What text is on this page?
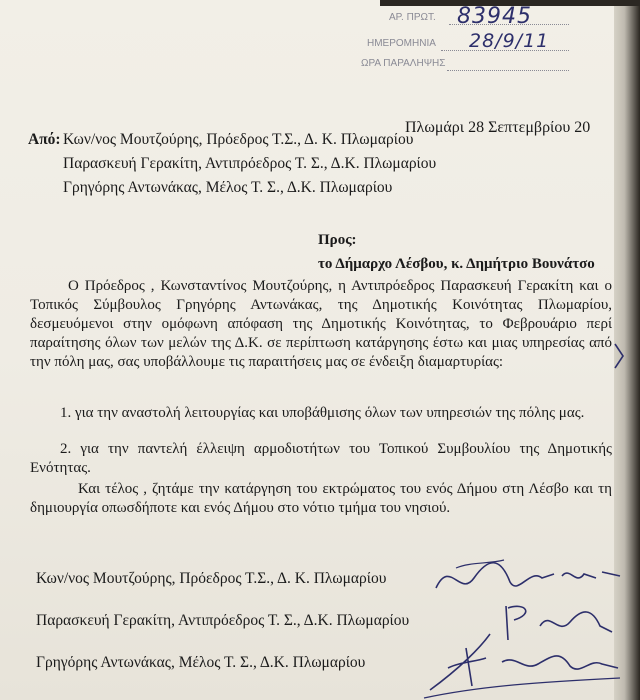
ΑΡ. ΠΡΩΤ. 83945
ΗΜΕΡΟΜΗΝΙΑ 28/9/11
ΩΡΑ ΠΑΡΑΛΗΨΗΣ
Πλωμάρι 28 Σεπτεμβρίου 20
Από: Κων/νος Μουτζούρης, Πρόεδρος Τ.Σ., Δ. Κ. Πλωμαρίου
Παρασκευή Γερακίτη, Αντιπρόεδρος Τ. Σ., Δ.Κ. Πλωμαρίου
Γρηγόρης Αντωνάκας, Μέλος Τ. Σ., Δ.Κ. Πλωμαρίου
Προς:
το Δήμαρχο Λέσβου, κ. Δημήτριο Βουνάτσο
Ο Πρόεδρος , Κωνσταντίνος Μουτζούρης, η Αντιπρόεδρος Παρασκευή Γερακίτη και ο Τοπικός Σύμβουλος Γρηγόρης Αντωνάκας, της Δημοτικής Κοινότητας Πλωμαρίου, δεσμευόμενοι στην ομόφωνη απόφαση της Δημοτικής Κοινότητας, το Φεβρουάριο περί παραίτησης όλων των μελών της Δ.Κ. σε περίπτωση κατάργησης έστω και μιας υπηρεσίας από την πόλη μας, σας υποβάλλουμε τις παραιτήσεις μας σε ένδειξη διαμαρτυρίας:
1. για την αναστολή λειτουργίας και υποβάθμισης όλων των υπηρεσιών της πόλης μας.
2. για την παντελή έλλειψη αρμοδιοτήτων του Τοπικού Συμβουλίου της Δημοτικής Ενότητας.
Και τέλος , ζητάμε την κατάργηση του εκτρώματος του ενός Δήμου στη Λέσβο και τη δημιουργία οπωσδήποτε και ενός Δήμου στο νότιο τμήμα του νησιού.
Κων/νος Μουτζούρης, Πρόεδρος Τ.Σ., Δ. Κ. Πλωμαρίου
Παρασκευή Γερακίτη, Αντιπρόεδρος Τ. Σ., Δ.Κ. Πλωμαρίου
Γρηγόρης Αντωνάκας, Μέλος Τ. Σ., Δ.Κ. Πλωμαρίου
